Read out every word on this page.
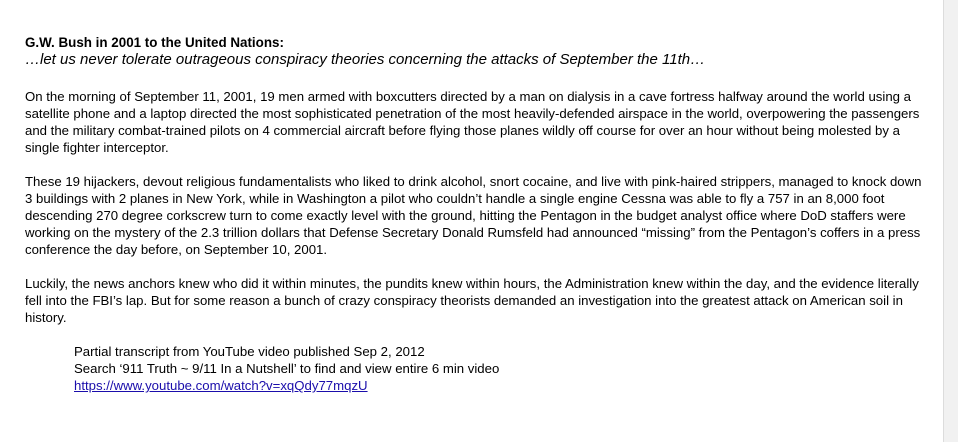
G.W. Bush in 2001 to the United Nations:

…let us never tolerate outrageous conspiracy theories concerning the attacks of September the 11th…

On the morning of September 11, 2001, 19 men armed with boxcutters directed by a man on dialysis in a cave fortress halfway around the world using a satellite phone and a laptop directed the most sophisticated penetration of the most heavily-defended airspace in the world, overpowering the passengers and the military combat-trained pilots on 4 commercial aircraft before flying those planes wildly off course for over an hour without being molested by a single fighter interceptor.

These 19 hijackers, devout religious fundamentalists who liked to drink alcohol, snort cocaine, and live with pink-haired strippers, managed to knock down 3 buildings with 2 planes in New York, while in Washington a pilot who couldn’t handle a single engine Cessna was able to fly a 757 in an 8,000 foot descending 270 degree corkscrew turn to come exactly level with the ground, hitting the Pentagon in the budget analyst office where DoD staffers were working on the mystery of the 2.3 trillion dollars that Defense Secretary Donald Rumsfeld had announced “missing” from the Pentagon’s coffers in a press conference the day before, on September 10, 2001.

Luckily, the news anchors knew who did it within minutes, the pundits knew within hours, the Administration knew within the day, and the evidence literally fell into the FBI’s lap. But for some reason a bunch of crazy conspiracy theorists demanded an investigation into the greatest attack on American soil in history.

Partial transcript from YouTube video published Sep 2, 2012
Search ‘911 Truth ~ 9/11 In a Nutshell’ to find and view entire 6 min video
https://www.youtube.com/watch?v=xqQdy77mqzU
